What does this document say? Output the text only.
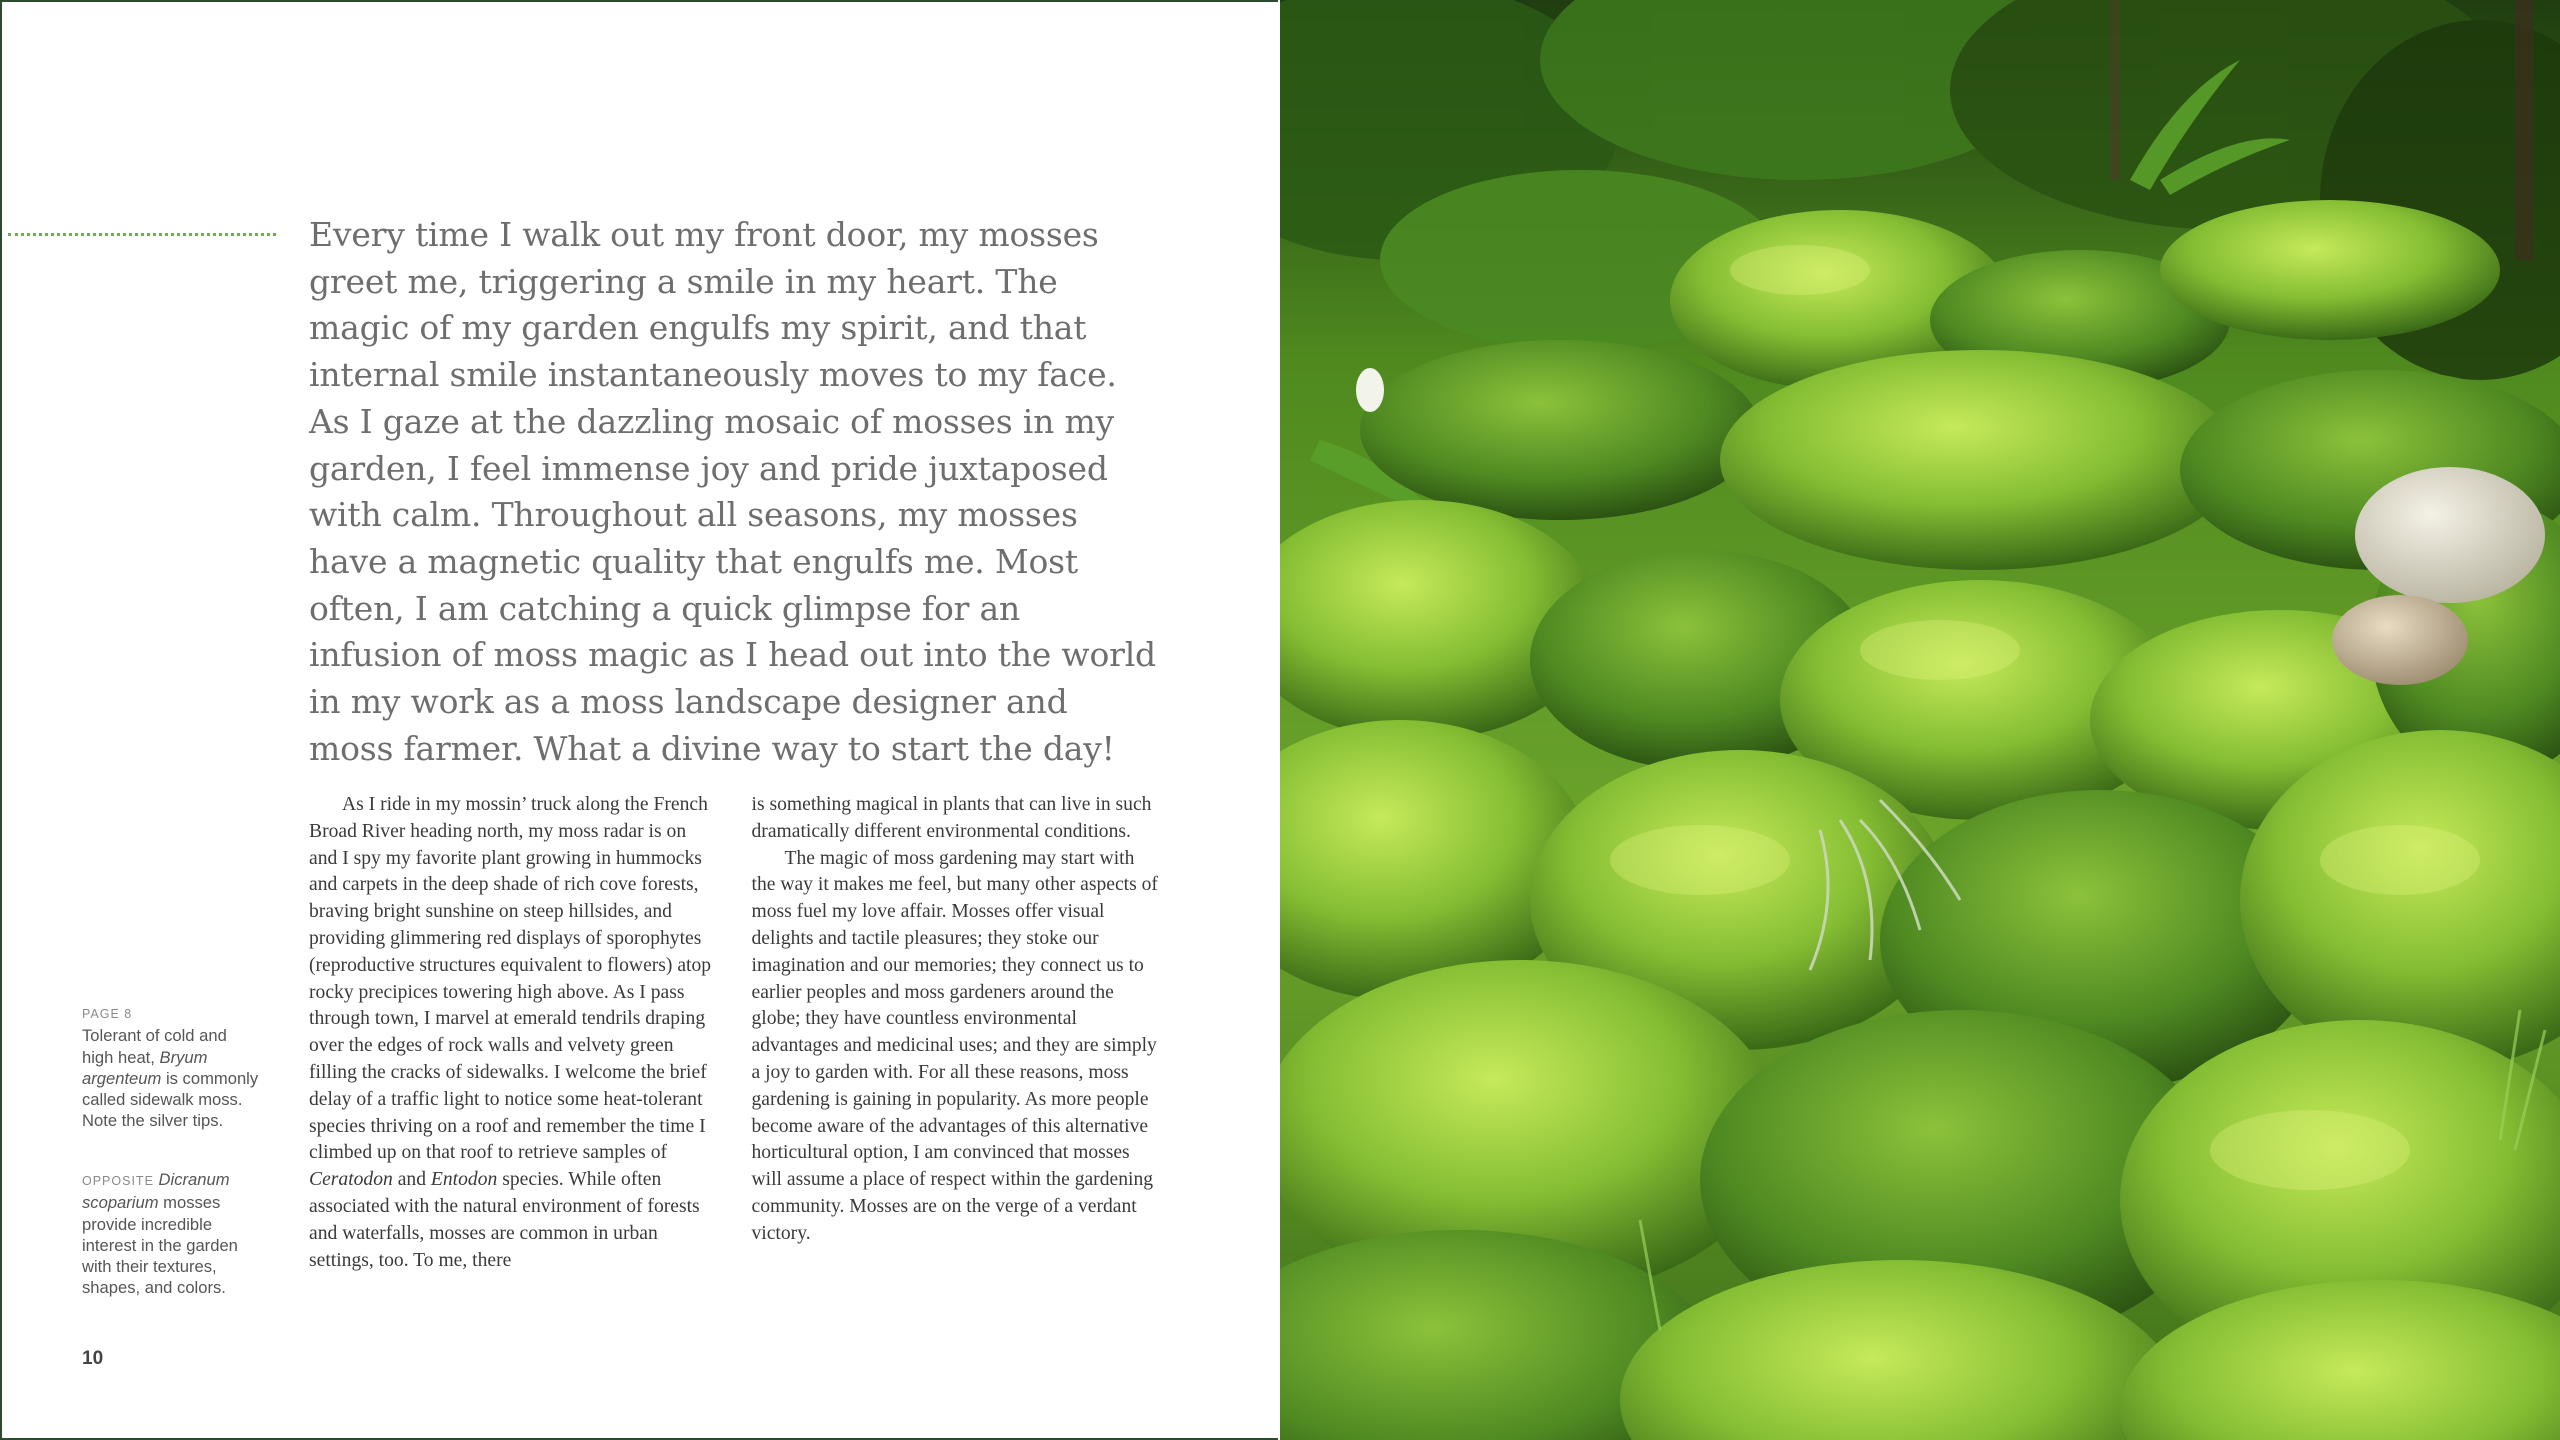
Every time I walk out my front door, my mosses greet me, triggering a smile in my heart. The magic of my garden engulfs my spirit, and that internal smile instantaneously moves to my face. As I gaze at the dazzling mosaic of mosses in my garden, I feel immense joy and pride juxtaposed with calm. Throughout all seasons, my mosses have a magnetic quality that engulfs me. Most often, I am catching a quick glimpse for an infusion of moss magic as I head out into the world in my work as a moss landscape designer and moss farmer. What a divine way to start the day!

As I ride in my mossin’ truck along the French Broad River heading north, my moss radar is on and I spy my favorite plant growing in hummocks and carpets in the deep shade of rich cove forests, braving bright sunshine on steep hillsides, and providing glimmering red displays of sporophytes (reproductive structures equivalent to flowers) atop rocky precipices towering high above. As I pass through town, I marvel at emerald tendrils draping over the edges of rock walls and velvety green filling the cracks of sidewalks. I welcome the brief delay of a traffic light to notice some heat-tolerant species thriving on a roof and remember the time I climbed up on that roof to retrieve samples of Ceratodon and Entodon species. While often associated with the natural environment of forests and waterfalls, mosses are common in urban settings, too. To me, there

is something magical in plants that can live in such dramatically different environmental conditions.

The magic of moss gardening may start with the way it makes me feel, but many other aspects of moss fuel my love affair. Mosses offer visual delights and tactile pleasures; they stoke our imagination and our memories; they connect us to earlier peoples and moss gardeners around the globe; they have countless environmental advantages and medicinal uses; and they are simply a joy to garden with. For all these reasons, moss gardening is gaining in popularity. As more people become aware of the advantages of this alternative horticultural option, I am convinced that mosses will assume a place of respect within the gardening community. Mosses are on the verge of a verdant victory.

PAGE 8
Tolerant of cold and high heat, Bryum argenteum is commonly called sidewalk moss. Note the silver tips.
OPPOSITE Dicranum scoparium mosses provide incredible interest in the garden with their textures, shapes, and colors.
10
